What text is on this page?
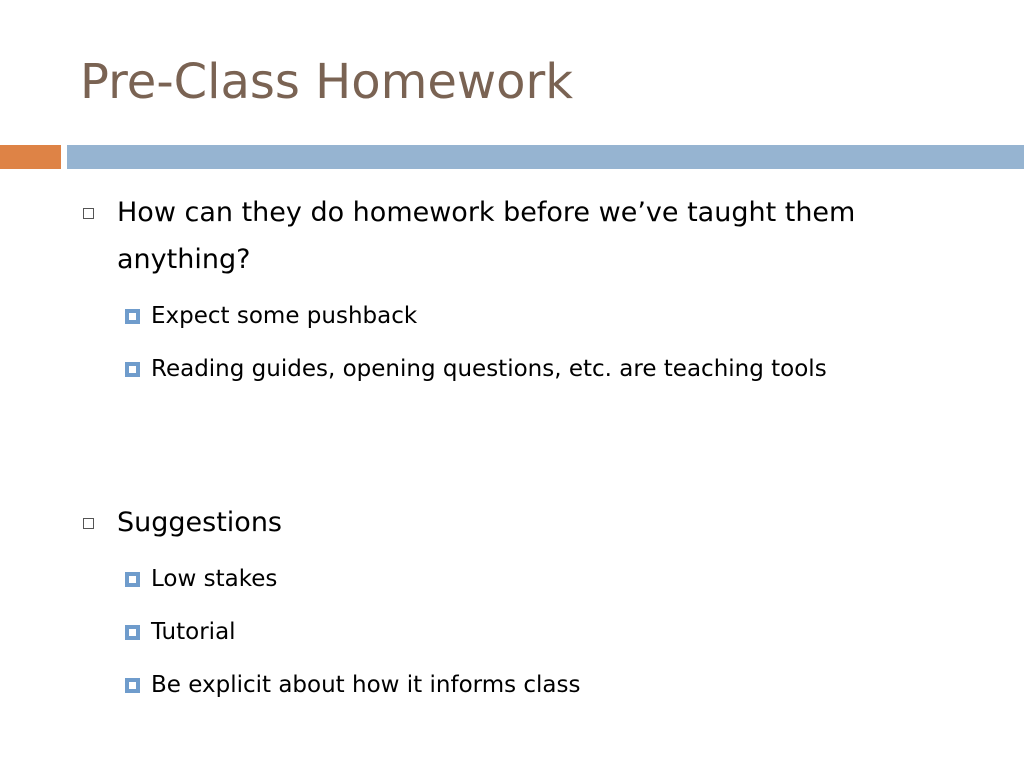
Pre-Class Homework
How can they do homework before we’ve taught them anything?
Expect some pushback
Reading guides, opening questions, etc. are teaching tools
Suggestions
Low stakes
Tutorial
Be explicit about how it informs class
